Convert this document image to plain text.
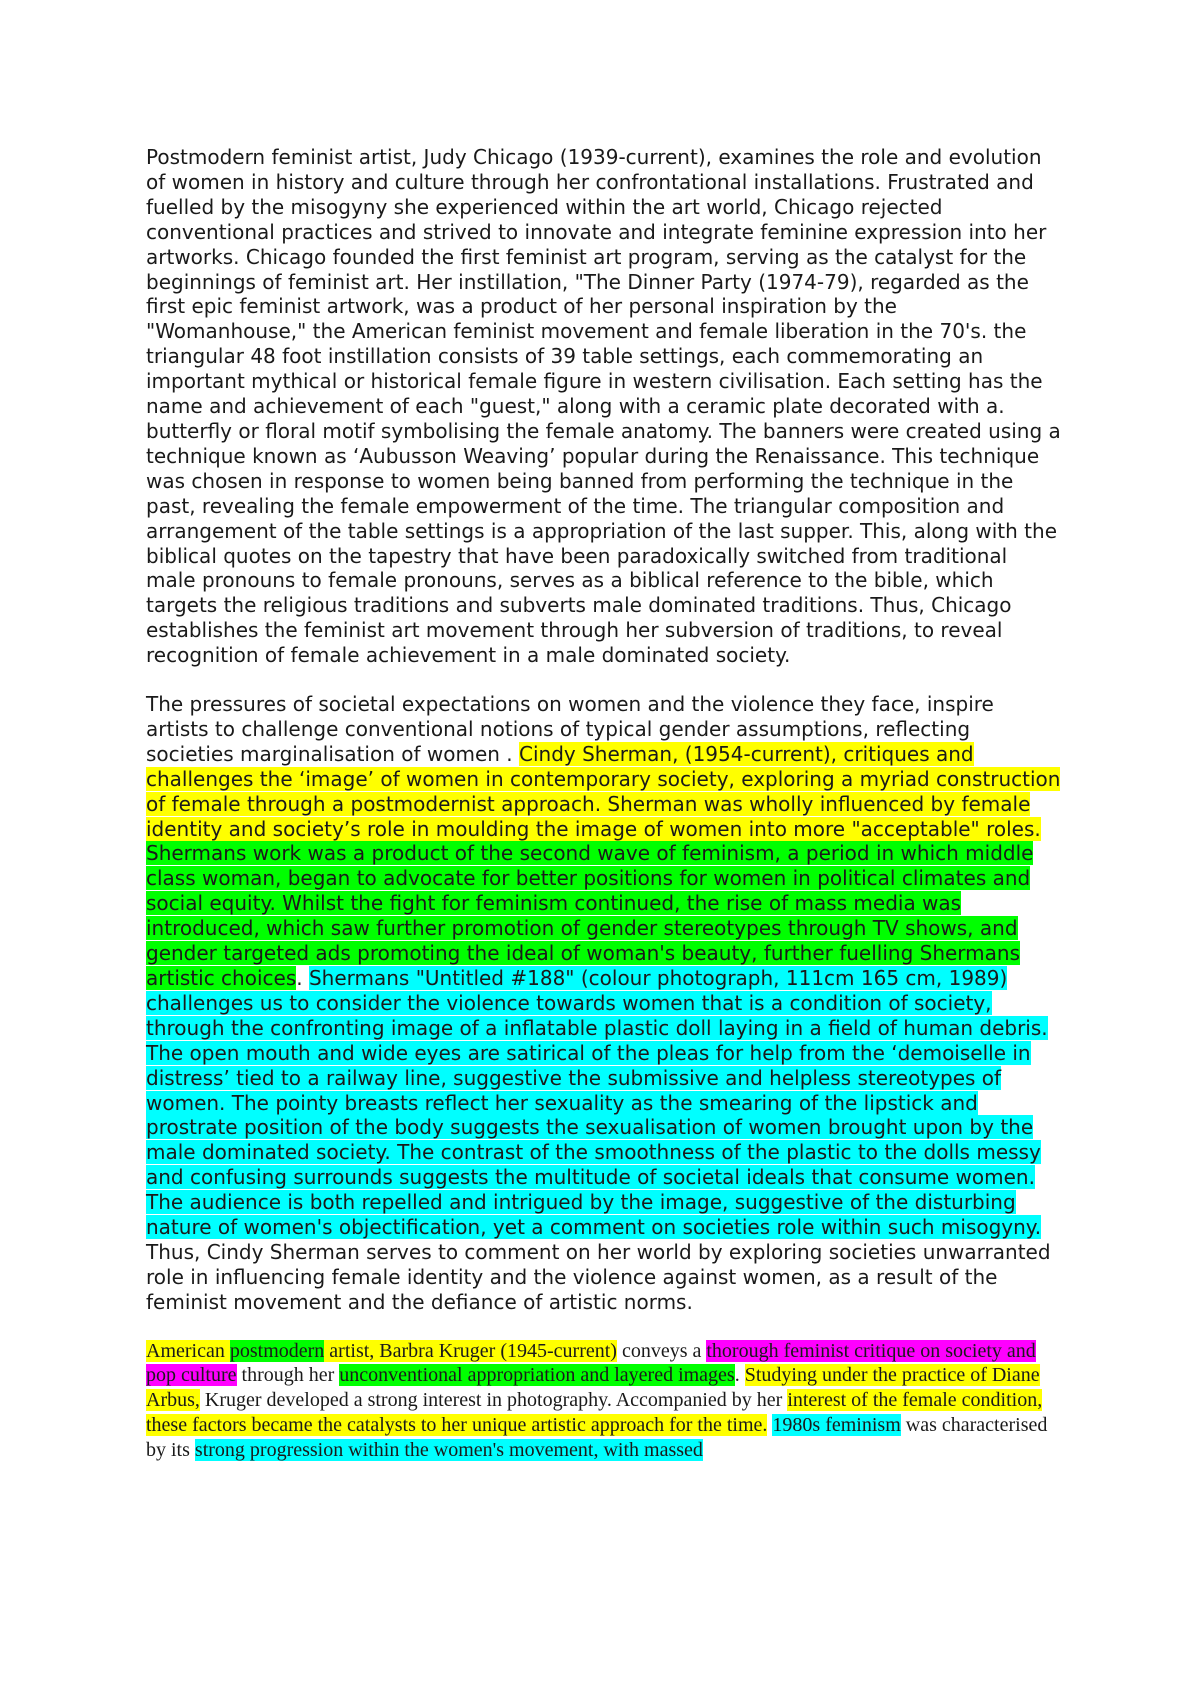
Postmodern feminist artist, Judy Chicago (1939-current), examines the role and evolution of women in history and culture through her confrontational installations. Frustrated and fuelled by the misogyny she experienced within the art world, Chicago rejected conventional practices and strived to innovate and integrate feminine expression into her artworks. Chicago founded the first feminist art program, serving as the catalyst for the beginnings of feminist art. Her instillation, "The Dinner Party (1974-79), regarded as the first epic feminist artwork, was a product of her personal inspiration by the "Womanhouse," the American feminist movement and female liberation in the 70's. the triangular 48 foot instillation consists of 39 table settings, each commemorating an important mythical or historical female figure in western civilisation. Each setting has the name and achievement of each "guest," along with a ceramic plate decorated with a. butterfly or floral motif symbolising the female anatomy. The banners were created using a technique known as ‘Aubusson Weaving’ popular during the Renaissance. This technique was chosen in response to women being banned from performing the technique in the past, revealing the female empowerment of the time. The triangular composition and arrangement of the table settings is a appropriation of the last supper. This, along with the biblical quotes on the tapestry that have been paradoxically switched from traditional male pronouns to female pronouns, serves as a biblical reference to the bible, which targets the religious traditions and subverts male dominated traditions. Thus, Chicago establishes the feminist art movement through her subversion of traditions, to reveal recognition of female achievement in a male dominated society.

The pressures of societal expectations on women and the violence they face, inspire artists to challenge conventional notions of typical gender assumptions, reflecting societies marginalisation of women . Cindy Sherman, (1954-current), critiques and challenges the ‘image’ of women in contemporary society, exploring a myriad construction of female through a postmodernist approach. Sherman was wholly influenced by female identity and society’s role in moulding the image of women into more "acceptable" roles. Shermans work was a product of the second wave of feminism, a period in which middle class woman, began to advocate for better positions for women in political climates and social equity. Whilst the fight for feminism continued, the rise of mass media was introduced, which saw further promotion of gender stereotypes through TV shows, and gender targeted ads promoting the ideal of woman's beauty, further fuelling Shermans artistic choices. Shermans "Untitled #188" (colour photograph, 111cm 165 cm, 1989) challenges us to consider the violence towards women that is a condition of society, through the confronting image of a inflatable plastic doll laying in a field of human debris. The open mouth and wide eyes are satirical of the pleas for help from the ‘demoiselle in distress’ tied to a railway line, suggestive the submissive and helpless stereotypes of women. The pointy breasts reflect her sexuality as the smearing of the lipstick and prostrate position of the body suggests the sexualisation of women brought upon by the male dominated society. The contrast of the smoothness of the plastic to the dolls messy and confusing surrounds suggests the multitude of societal ideals that consume women. The audience is both repelled and intrigued by the image, suggestive of the disturbing nature of women's objectification, yet a comment on societies role within such misogyny. Thus, Cindy Sherman serves to comment on her world by exploring societies unwarranted role in influencing female identity and the violence against women, as a result of the feminist movement and the defiance of artistic norms.

American postmodern artist, Barbra Kruger (1945-current) conveys a thorough feminist critique on society and pop culture through her unconventional appropriation and layered images. Studying under the practice of Diane Arbus, Kruger developed a strong interest in photography. Accompanied by her interest of the female condition, these factors became the catalysts to her unique artistic approach for the time. 1980s feminism was characterised by its strong progression within the women's movement, with massed
